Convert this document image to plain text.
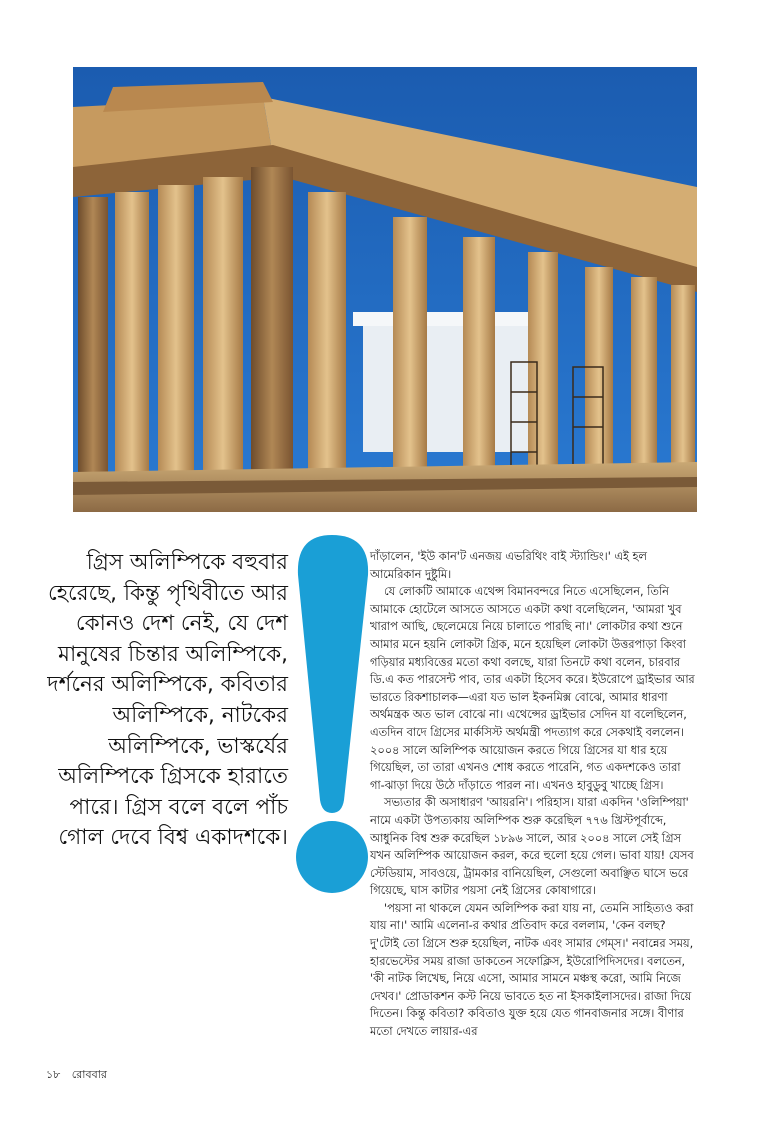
গ্রিস অলিম্পিকে বহুবার হেরেছে, কিন্তু পৃথিবীতে আর কোনও দেশ নেই, যে দেশ মানুষের চিন্তার অলিম্পিকে, দর্শনের অলিম্পিকে, কবিতার অলিম্পিকে, নাটকের অলিম্পিকে, ভাস্কর্যের অলিম্পিকে গ্রিসকে হারাতে পারে। গ্রিস বলে বলে পাঁচ গোল দেবে বিশ্ব একাদশকে।

দাঁড়ালেন, 'ইউ কান'ট এনজয় এভরিথিং বাই স্ট্যান্ডিং।' এই হল আমেরিকান দুষ্টুমি।

যে লোকটি আমাকে এথেন্স বিমানবন্দরে নিতে এসেছিলেন, তিনি আমাকে হোটেলে আসতে আসতে একটা কথা বলেছিলেন, 'আমরা খুব খারাপ আছি, ছেলেমেয়ে নিয়ে চালাতে পারছি না।' লোকটার কথা শুনে আমার মনে হয়নি লোকটা গ্রিক, মনে হয়েছিল লোকটা উত্তরপাড়া কিংবা গড়িয়ার মধ্যবিত্তের মতো কথা বলছে, যারা তিনটে কথা বলেন, চারবার ডি.এ কত পারসেন্ট পাব, তার একটা হিসেব করে। ইউরোপে ড্রাইভার আর ভারতে রিকশাচালক—এরা যত ভাল ইকনমিক্স বোঝে, আমার ধারণা অর্থমন্ত্রক অত ভাল বোঝে না। এথেন্সের ড্রাইভার সেদিন যা বলেছিলেন, এতদিন বাদে গ্রিসের মার্কসিস্ট অর্থমন্ত্রী পদত্যাগ করে সেকথাই বললেন। ২০০৪ সালে অলিম্পিক আয়োজন করতে গিয়ে গ্রিসের যা ধার হয়ে গিয়েছিল, তা তারা এখনও শোধ করতে পারেনি, গত একদশকেও তারা গা-ঝাড়া দিয়ে উঠে দাঁড়াতে পারল না। এখনও হাবুডুবু খাচ্ছে গ্রিস।

সভ্যতার কী অসাধারণ 'আয়রনি'। পরিহাস। যারা একদিন 'ওলিম্পিয়া' নামে একটা উপত্যকায় অলিম্পিক শুরু করেছিল ৭৭৬ খ্রিস্টপূর্বাব্দে, আধুনিক বিশ্ব শুরু করেছিল ১৮৯৬ সালে, আর ২০০৪ সালে সেই গ্রিস যখন অলিম্পিক আয়োজন করল, করে হুলো হয়ে গেল। ভাবা যায়! যেসব স্টেডিয়াম, সাবওয়ে, ট্রামকার বানিয়েছিল, সেগুলো অবাঞ্ছিত ঘাসে ভরে গিয়েছে, ঘাস কাটার পয়সা নেই গ্রিসের কোষাগারে।

'পয়সা না থাকলে যেমন অলিম্পিক করা যায় না, তেমনি সাহিত্যও করা যায় না।' আমি এলেনা-র কথার প্রতিবাদ করে বললাম, 'কেন বলছ? দু'টোই তো গ্রিসে শুরু হয়েছিল, নাটক এবং সামার গেম্‌স।' নবান্নের সময়, হারভেস্টের সময় রাজা ডাকতেন সফোক্লিস, ইউরোপিদিসদের। বলতেন, 'কী নাটক লিখেছ, নিয়ে এসো, আমার সামনে মঞ্চস্থ করো, আমি নিজে দেখব।' প্রোডাকশন কস্ট নিয়ে ভাবতে হত না ইসকাইলাসদের। রাজা দিয়ে দিতেন। কিন্তু কবিতা? কবিতাও যুক্ত হয়ে যেত গানবাজনার সঙ্গে। বীণার মতো দেখতে লায়ার-এর

১৮ রোববার
